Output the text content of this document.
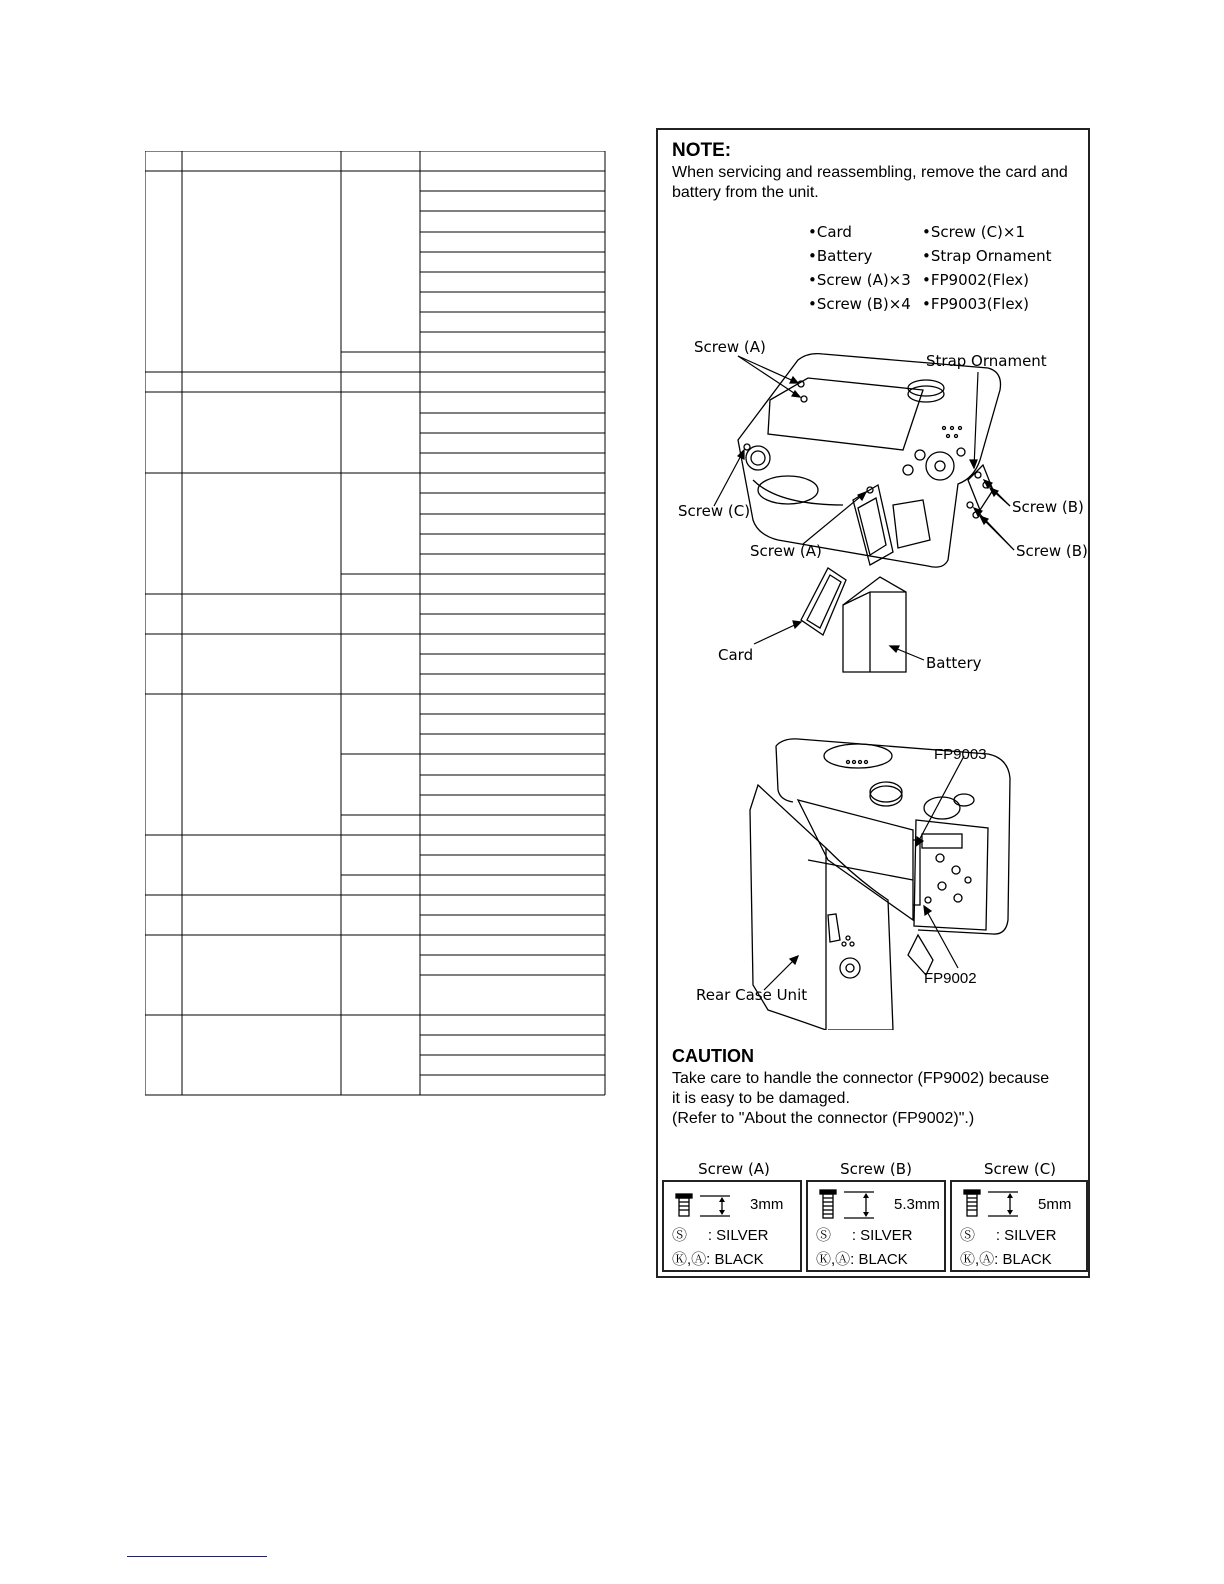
NOTE:

When servicing and reassembling, remove the card and battery from the unit.

•Card
•Battery
•Screw (A)×3
•Screw (B)×4
•Screw (C)×1
•Strap Ornament
•FP9002(Flex)
•FP9003(Flex)
Screw (A)
Strap Ornament
Screw (C)	Screw (B)
Screw (A)	Screw (B)
Card	Battery
FP9003
FP9002
Rear Case Unit

CAUTION

Take care to handle the connector (FP9002) because
it is easy to be damaged.
(Refer to "About the connector (FP9002)".)
Screw (A)	Screw (B)	Screw (C)
3mm
Ⓢ     : SILVER
Ⓚ,Ⓐ: BLACK
5.3mm
Ⓢ     : SILVER
Ⓚ,Ⓐ: BLACK
5mm
Ⓢ     : SILVER
Ⓚ,Ⓐ: BLACK
